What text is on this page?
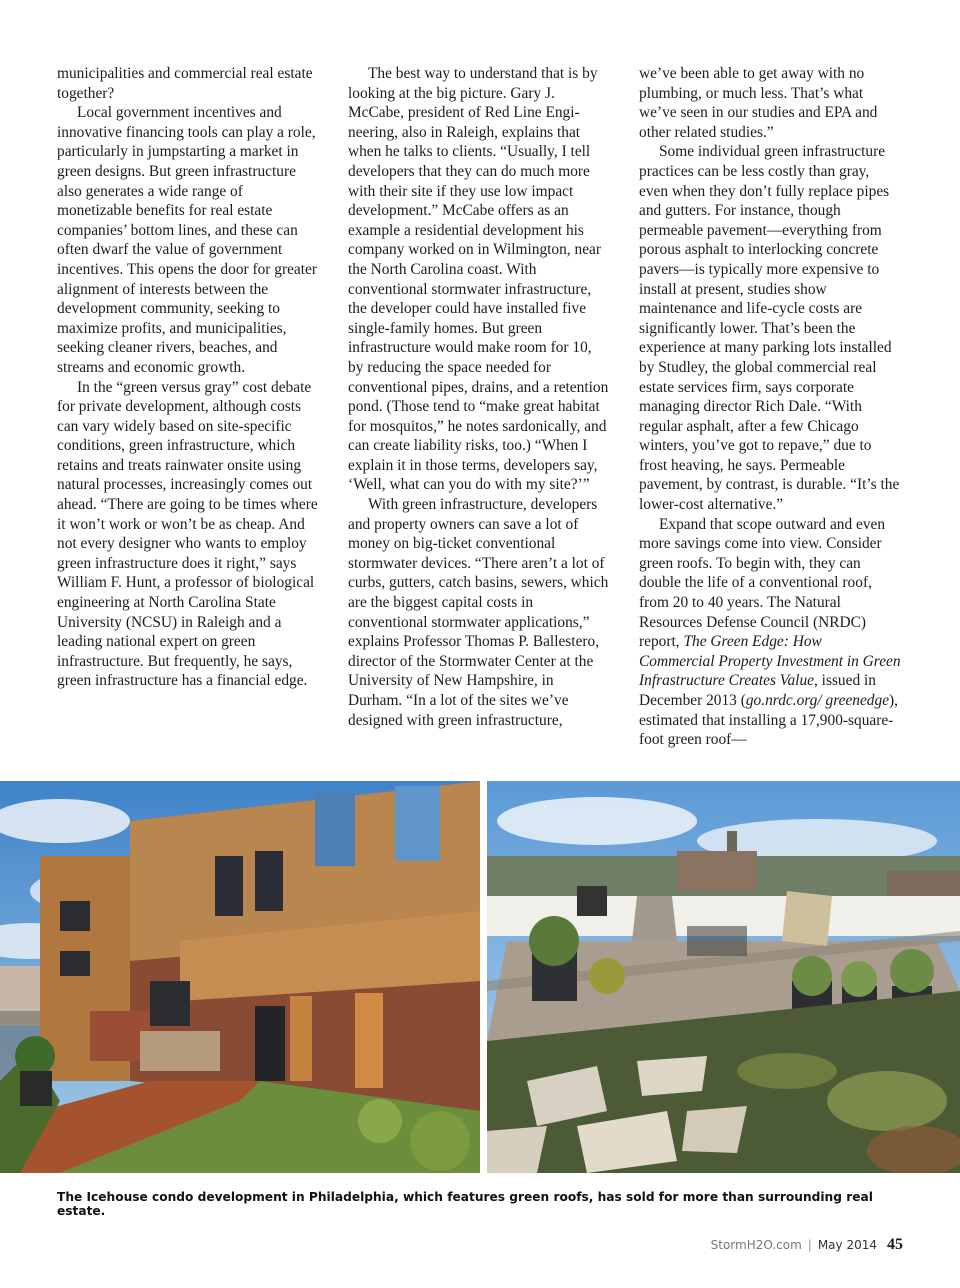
municipalities and commercial real estate together?

Local government incentives and innovative financing tools can play a role, particularly in jumpstarting a market in green designs. But green infrastructure also generates a wide range of monetizable benefits for real estate companies’ bottom lines, and these can often dwarf the value of government incentives. This opens the door for greater alignment of interests between the development community, seeking to maximize profits, and municipalities, seeking cleaner rivers, beaches, and streams and economic growth.

In the “green versus gray” cost debate for private development, although costs can vary widely based on site-specific conditions, green infrastructure, which retains and treats rainwater onsite using natural processes, increasingly comes out ahead. “There are going to be times where it won’t work or won’t be as cheap. And not every designer who wants to employ green infrastructure does it right,” says William F. Hunt, a professor of biological engineering at North Carolina State University (NCSU) in Raleigh and a leading national expert on green infrastructure. But frequently, he says, green infrastructure has a financial edge.

The best way to understand that is by looking at the big picture. Gary J. McCabe, president of Red Line Engineering, also in Raleigh, explains that when he talks to clients. “Usually, I tell developers that they can do much more with their site if they use low impact development.” McCabe offers as an example a residential development his company worked on in Wilmington, near the North Carolina coast. With conventional stormwater infrastructure, the developer could have installed five single-family homes. But green infrastructure would make room for 10, by reducing the space needed for conventional pipes, drains, and a retention pond. (Those tend to “make great habitat for mosquitos,” he notes sardonically, and can create liability risks, too.) “When I explain it in those terms, developers say, ‘Well, what can you do with my site?’”

With green infrastructure, developers and property owners can save a lot of money on big-ticket conventional stormwater devices. “There aren’t a lot of curbs, gutters, catch basins, sewers, which are the biggest capital costs in conventional stormwater applications,” explains Professor Thomas P. Ballestero, director of the Stormwater Center at the University of New Hampshire, in Durham. “In a lot of the sites we’ve designed with green infrastructure,

we’ve been able to get away with no plumbing, or much less. That’s what we’ve seen in our studies and EPA and other related studies.”

Some individual green infrastructure practices can be less costly than gray, even when they don’t fully replace pipes and gutters. For instance, though permeable pavement—everything from porous asphalt to interlocking concrete pavers—is typically more expensive to install at present, studies show maintenance and life-cycle costs are significantly lower. That’s been the experience at many parking lots installed by Studley, the global commercial real estate services firm, says corporate managing director Rich Dale. “With regular asphalt, after a few Chicago winters, you’ve got to repave,” due to frost heaving, he says. Permeable pavement, by contrast, is durable. “It’s the lower-cost alternative.”

Expand that scope outward and even more savings come into view. Consider green roofs. To begin with, they can double the life of a conventional roof, from 20 to 40 years. The Natural Resources Defense Council (NRDC) report, The Green Edge: How Commercial Property Investment in Green Infrastructure Creates Value, issued in December 2013 (go.nrdc.org/ greenedge), estimated that installing a 17,900-square-foot green roof—

The Icehouse condo development in Philadelphia, which features green roofs, has sold for more than surrounding real estate.
StormH2O.com | May 2014 45
